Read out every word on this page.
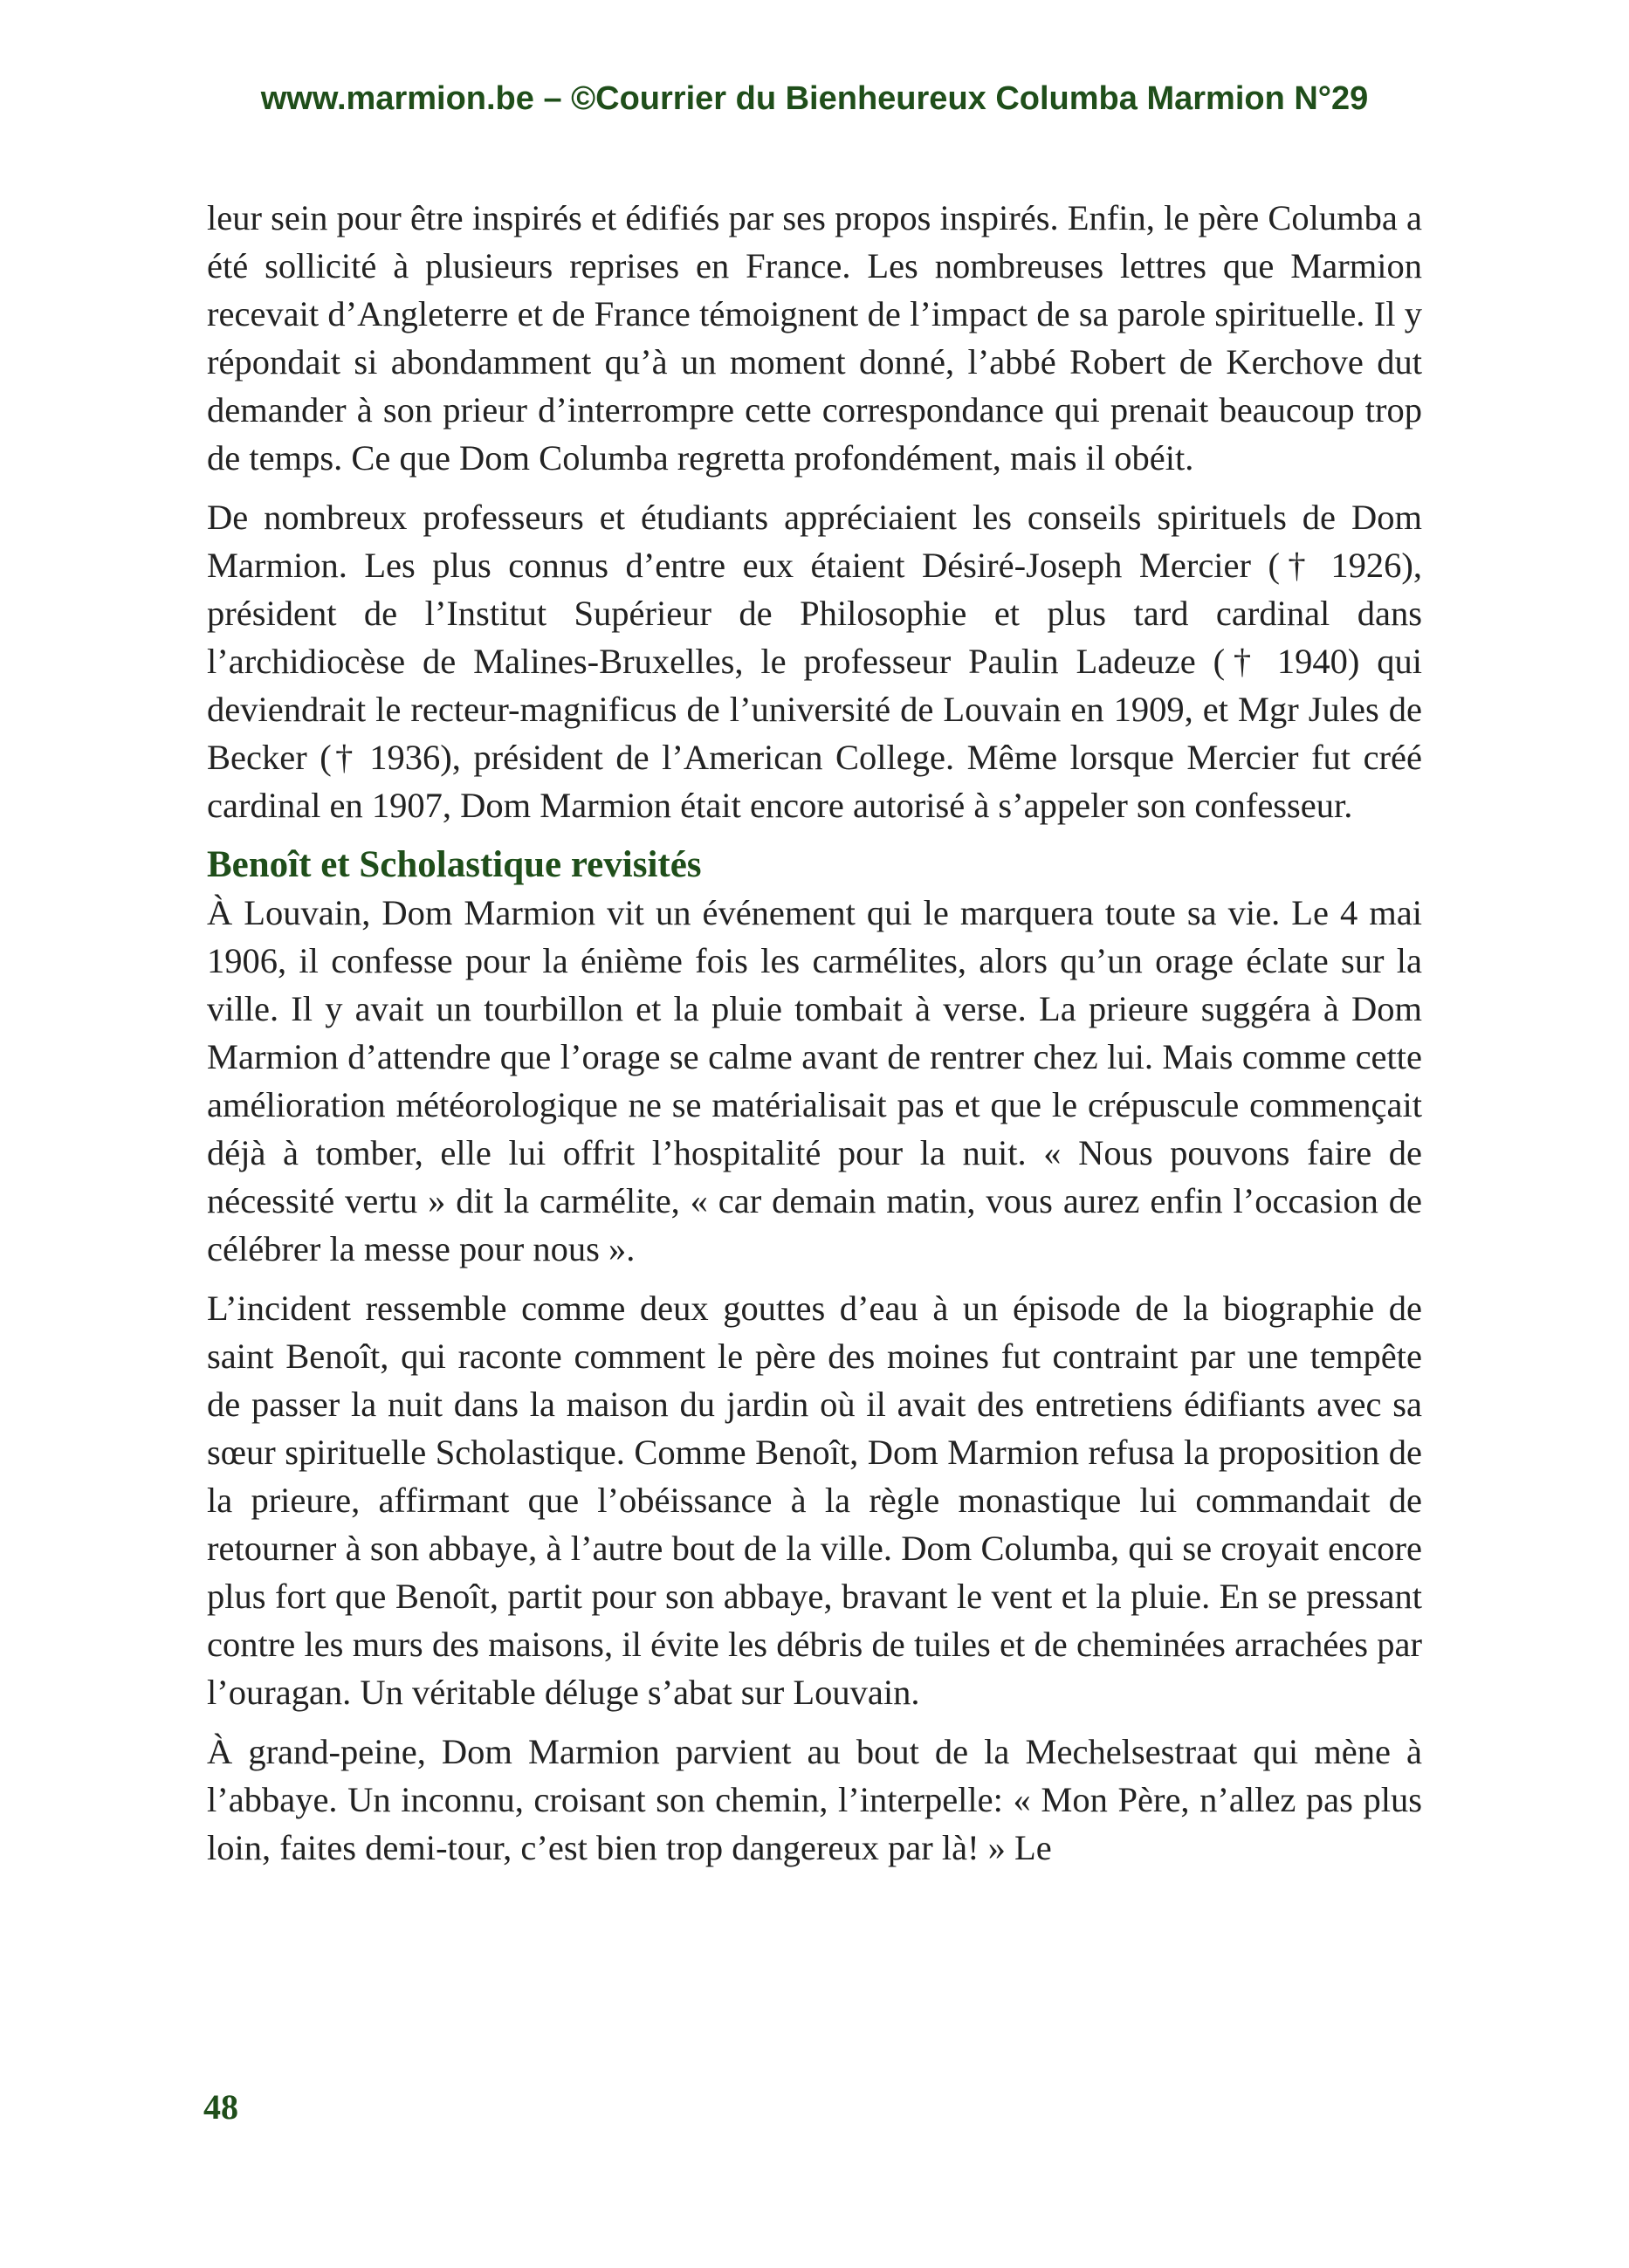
www.marmion.be – ©Courrier du Bienheureux Columba Marmion N°29

leur sein pour être inspirés et édifiés par ses propos inspirés. Enfin, le père Columba a été sollicité à plusieurs reprises en France. Les nombreuses lettres que Marmion recevait d’Angleterre et de France témoignent de l’impact de sa parole spirituelle. Il y répondait si abondamment qu’à un moment donné, l’abbé Robert de Kerchove dut demander à son prieur d’interrompre cette correspondance qui prenait beaucoup trop de temps. Ce que Dom Columba regretta profondément, mais il obéit.

De nombreux professeurs et étudiants appréciaient les conseils spirituels de Dom Marmion. Les plus connus d’entre eux étaient Désiré-Joseph Mercier († 1926), président de l’Institut Supérieur de Philosophie et plus tard cardinal dans l’archidiocèse de Malines-Bruxelles, le professeur Paulin Ladeuze († 1940) qui deviendrait le recteur-magnificus de l’université de Louvain en 1909, et Mgr Jules de Becker († 1936), président de l’American College. Même lorsque Mercier fut créé cardinal en 1907, Dom Marmion était encore autorisé à s’appeler son confesseur.

Benoît et Scholastique revisités

À Louvain, Dom Marmion vit un événement qui le marquera toute sa vie. Le 4 mai 1906, il confesse pour la énième fois les carmélites, alors qu’un orage éclate sur la ville. Il y avait un tourbillon et la pluie tombait à verse. La prieure suggéra à Dom Marmion d’attendre que l’orage se calme avant de rentrer chez lui. Mais comme cette amélioration météorologique ne se matérialisait pas et que le crépuscule commençait déjà à tomber, elle lui offrit l’hospitalité pour la nuit. « Nous pouvons faire de nécessité vertu » dit la carmélite, « car demain matin, vous aurez enfin l’occasion de célébrer la messe pour nous ».

L’incident ressemble comme deux gouttes d’eau à un épisode de la biographie de saint Benoît, qui raconte comment le père des moines fut contraint par une tempête de passer la nuit dans la maison du jardin où il avait des entretiens édifiants avec sa sœur spirituelle Scholastique. Comme Benoît, Dom Marmion refusa la proposition de la prieure, affirmant que l’obéissance à la règle monastique lui commandait de retourner à son abbaye, à l’autre bout de la ville. Dom Columba, qui se croyait encore plus fort que Benoît, partit pour son abbaye, bravant le vent et la pluie. En se pressant contre les murs des maisons, il évite les débris de tuiles et de cheminées arrachées par l’ouragan. Un véritable déluge s’abat sur Louvain.

À grand-peine, Dom Marmion parvient au bout de la Mechelsestraat qui mène à l’abbaye. Un inconnu, croisant son chemin, l’interpelle: « Mon Père, n’allez pas plus loin, faites demi-tour, c’est bien trop dangereux par là! » Le

48
